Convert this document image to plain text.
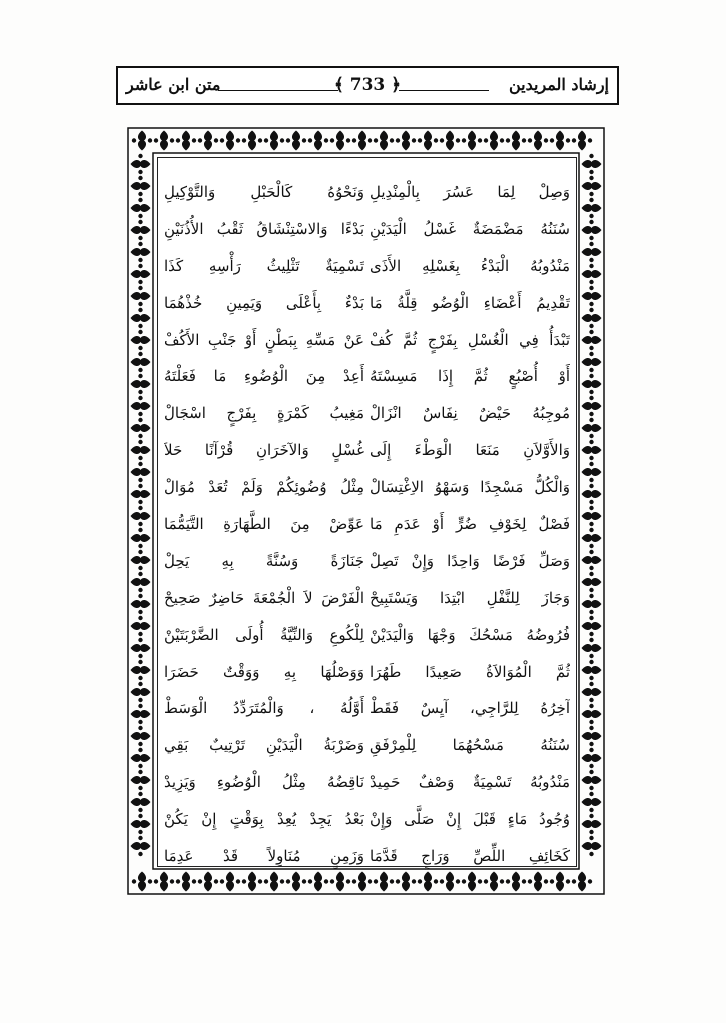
إرشاد المريدين
﴾ 733 ﴿
متن ابن عاشر
وَصِلْ لِمَا عَسُرَ بِالْمِنْدِيلِ
سُنَنُهُ مَضْمَضَةٌ غَسْلُ الْيَدَيْنِ
مَنْدُوبُهُ الْبَدْءُ بِغَسْلِهِ الأَذَى
تَقْدِيمُ أَعْضَاءِ الْوُضُو قِلَّةُ مَا
تَبْدَأُ فِي الْغُسْلِ بِفَرْجٍ ثُمَّ كُفْ
أَوْ أُصْبُعٍ ثُمَّ إِذَا مَسِسْتَهُ
مُوجِبُهُ حَيْضٌ نِفَاسٌ انْزَالْ
وَالأَوَّلاَنِ مَنَعَا الْوَطْءَ إِلَى
وَالْكُلُّ مَسْجِدًا وَسَهْوُ الاِغْتِسَالْ
فَصْلٌ لِخَوْفِ ضُرٍّ أَوْ عَدَمِ مَا
وَصَلِّ فَرْضًا وَاحِدًا وَإِنْ تَصِلْ
وَجَازَ لِلنَّفْلِ ابْتِدَا وَيَسْتَبِيحْ
فُرُوضُهُ مَسْحُكَ وَجْهَا وَالْيَدَيْنْ
ثُمَّ الْمُوَالاَةُ صَعِيدًا طَهُرَا
آخِرُهُ لِلرَّاجِي، آيِسٌ فَقَطْ
سُنَنُهُ مَسْحُهُمَا لِلْمِرْفَقِ
مَنْدُوبُهُ تَسْمِيَةٌ وَصْفٌ حَمِيدْ
وُجُودُ مَاءٍ قَبْلَ إِنْ صَلَّى وَإِنْ
كَخَائِفِ اللِّصِّ وَرَاجٍ قَدَّمَا
وَنَحْوُهُ كَالْحَبْلِ وَالتَّوْكِيلِ
بَدْءًا وَالاسْتِنْشَاقُ ثَقْبُ الأُذُنَيْنِ
تَسْمِيَةٌ تَثْلِيثُ رَأْسِهِ كَذَا
بَدْءٌ بِأَعْلَى وَيَمِينِ خُذْهُمَا
عَنْ مَسِّهِ بِبَطْنٍ أَوْ جَنْبِ الأَكُفْ
أَعِدْ مِنَ الْوُضُوءِ مَا فَعَلْتَهُ
مَغِيبُ كَمْرَةٍ بِفَرْجٍ اسْجَالْ
غُسْلٍ وَالآخَرَانِ قُرْآنًا حَلاَ
مِثْلُ وُضُوئِكُمْ وَلَمْ تُعَدْ مُوَالْ
عَوِّضْ مِنَ الطَّهَارَةِ التَّيَمُّمَا
جَنَازَةً وَسُنَّةً بِهِ يَحِلْ
الْفَرْضَ لاَ الْجُمْعَةَ حَاضِرٌ صَحِيحْ
لِلْكُوعِ وَالنِّيَّةُ أُولَى الضَّرْبَتَيْنْ
وَوَصْلُهَا بِهِ وَوَقْتٌ حَضَرَا
أَوَّلُهُ ، وَالْمُتَرَدِّدُ الْوَسَطْ
وَضَرْبَةُ الْيَدَيْنِ تَرْتِيبٌ بَقِي
نَاقِضُهُ مِثْلُ الْوُضُوءِ وَيَزِيدْ
بَعْدُ يَجِدْ يُعِدْ بِوَقْتٍ إِنْ يَكُنْ
وَزَمِنٍ مُنَاوِلاً قَدْ عَدِمَا
